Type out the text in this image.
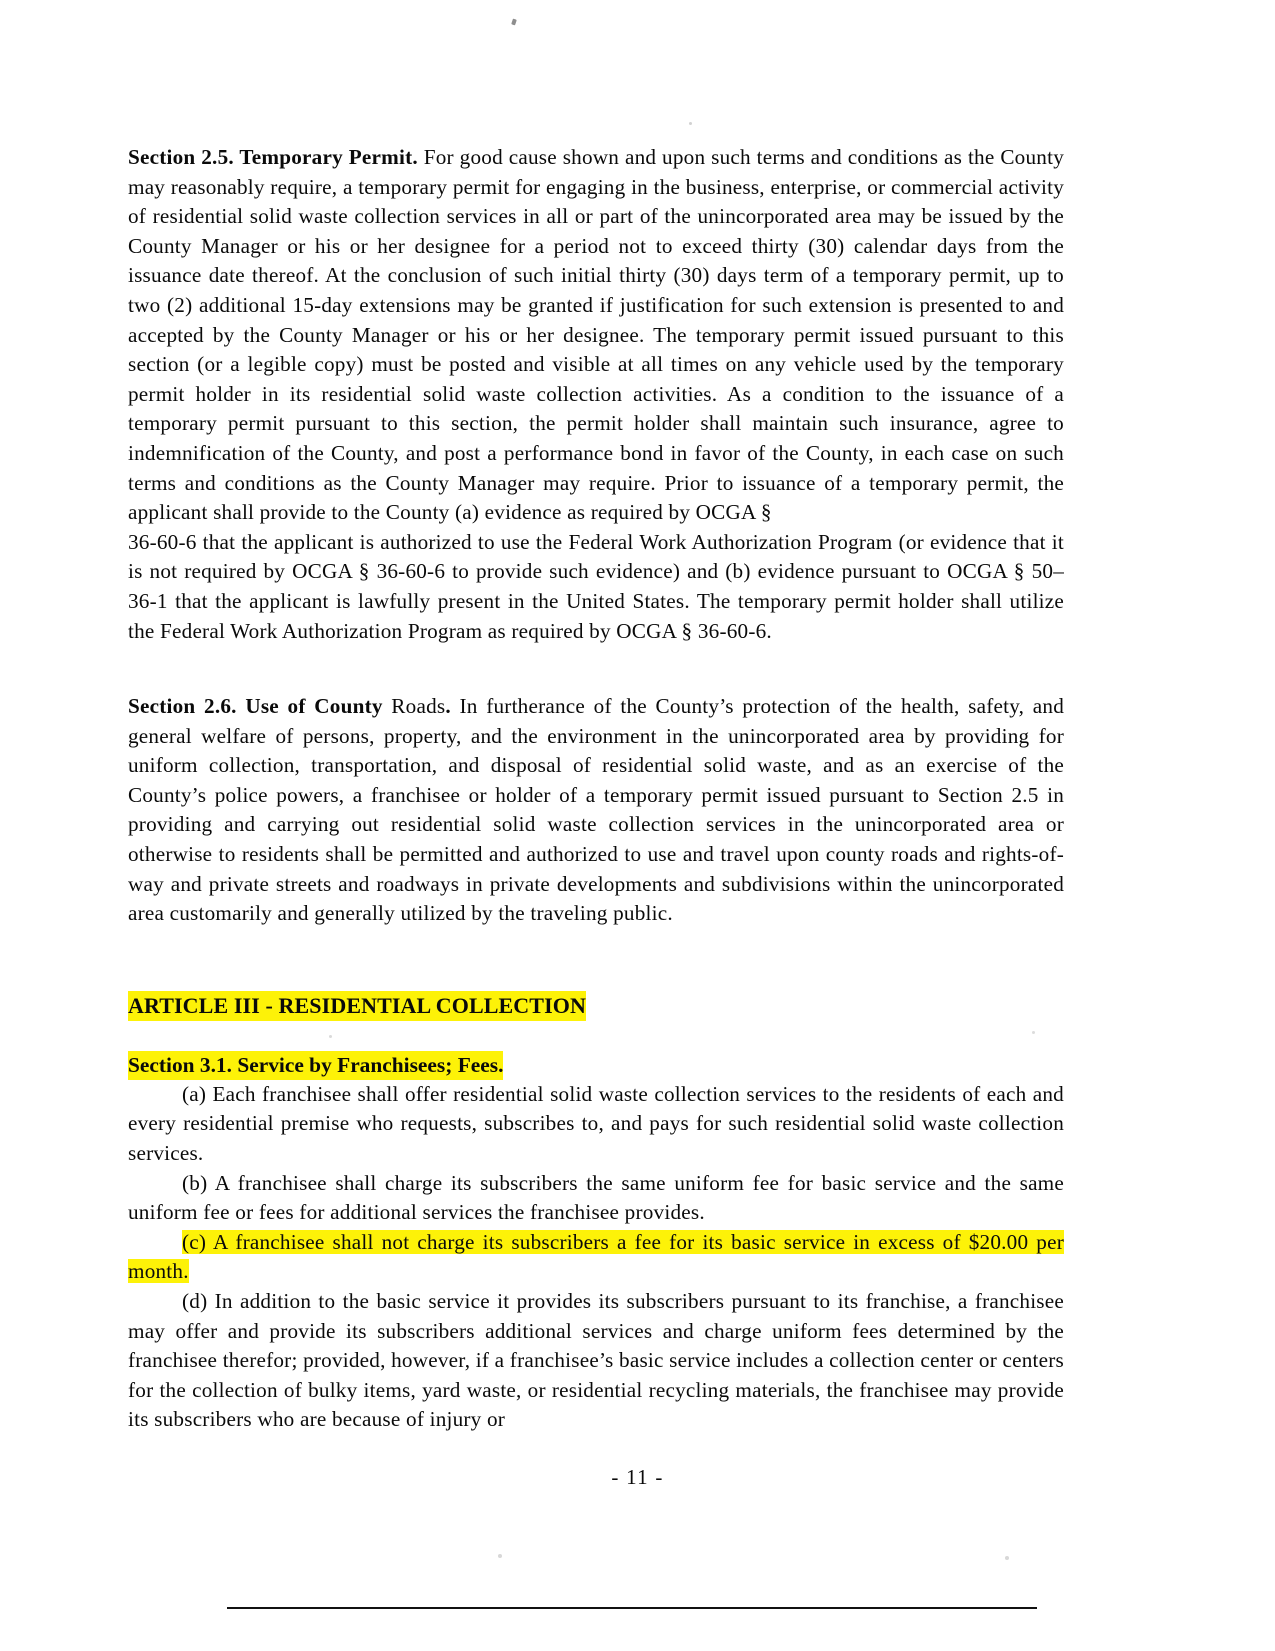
Section 2.5. Temporary Permit. For good cause shown and upon such terms and conditions as the County may reasonably require, a temporary permit for engaging in the business, enterprise, or commercial activity of residential solid waste collection services in all or part of the unincorporated area may be issued by the County Manager or his or her designee for a period not to exceed thirty (30) calendar days from the issuance date thereof. At the conclusion of such initial thirty (30) days term of a temporary permit, up to two (2) additional 15-day extensions may be granted if justification for such extension is presented to and accepted by the County Manager or his or her designee. The temporary permit issued pursuant to this section (or a legible copy) must be posted and visible at all times on any vehicle used by the temporary permit holder in its residential solid waste collection activities. As a condition to the issuance of a temporary permit pursuant to this section, the permit holder shall maintain such insurance, agree to indemnification of the County, and post a performance bond in favor of the County, in each case on such terms and conditions as the County Manager may require. Prior to issuance of a temporary permit, the applicant shall provide to the County (a) evidence as required by OCGA §

36-60-6 that the applicant is authorized to use the Federal Work Authorization Program (or evidence that it is not required by OCGA § 36-60-6 to provide such evidence) and (b) evidence pursuant to OCGA § 50–36-1 that the applicant is lawfully present in the United States. The temporary permit holder shall utilize the Federal Work Authorization Program as required by OCGA § 36-60-6.

Section 2.6. Use of County Roads. In furtherance of the County’s protection of the health, safety, and general welfare of persons, property, and the environment in the unincorporated area by providing for uniform collection, transportation, and disposal of residential solid waste, and as an exercise of the County’s police powers, a franchisee or holder of a temporary permit issued pursuant to Section 2.5 in providing and carrying out residential solid waste collection services in the unincorporated area or otherwise to residents shall be permitted and authorized to use and travel upon county roads and rights-of-way and private streets and roadways in private developments and subdivisions within the unincorporated area customarily and generally utilized by the traveling public.

ARTICLE III - RESIDENTIAL COLLECTION
Section 3.1. Service by Franchisees; Fees.

(a) Each franchisee shall offer residential solid waste collection services to the residents of each and every residential premise who requests, subscribes to, and pays for such residential solid waste collection services.

(b) A franchisee shall charge its subscribers the same uniform fee for basic service and the same uniform fee or fees for additional services the franchisee provides.

(c) A franchisee shall not charge its subscribers a fee for its basic service in excess of $20.00 per month.

(d) In addition to the basic service it provides its subscribers pursuant to its franchise, a franchisee may offer and provide its subscribers additional services and charge uniform fees determined by the franchisee therefor; provided, however, if a franchisee’s basic service includes a collection center or centers for the collection of bulky items, yard waste, or residential recycling materials, the franchisee may provide its subscribers who are because of injury or

- 11 -
